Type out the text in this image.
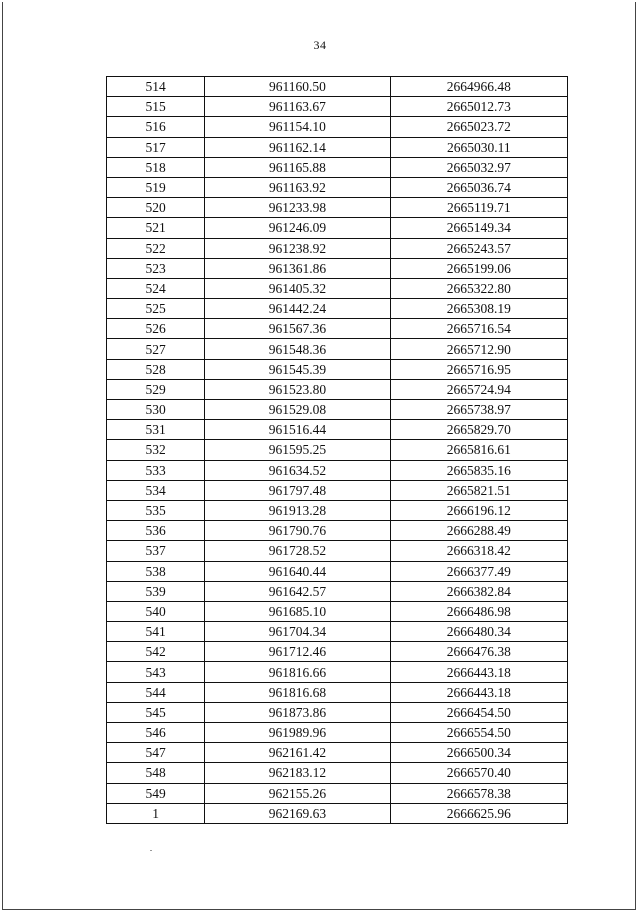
34
514	961160.50	2664966.48
515	961163.67	2665012.73
516	961154.10	2665023.72
517	961162.14	2665030.11
518	961165.88	2665032.97
519	961163.92	2665036.74
520	961233.98	2665119.71
521	961246.09	2665149.34
522	961238.92	2665243.57
523	961361.86	2665199.06
524	961405.32	2665322.80
525	961442.24	2665308.19
526	961567.36	2665716.54
527	961548.36	2665712.90
528	961545.39	2665716.95
529	961523.80	2665724.94
530	961529.08	2665738.97
531	961516.44	2665829.70
532	961595.25	2665816.61
533	961634.52	2665835.16
534	961797.48	2665821.51
535	961913.28	2666196.12
536	961790.76	2666288.49
537	961728.52	2666318.42
538	961640.44	2666377.49
539	961642.57	2666382.84
540	961685.10	2666486.98
541	961704.34	2666480.34
542	961712.46	2666476.38
543	961816.66	2666443.18
544	961816.68	2666443.18
545	961873.86	2666454.50
546	961989.96	2666554.50
547	962161.42	2666500.34
548	962183.12	2666570.40
549	962155.26	2666578.38
1	962169.63	2666625.96
